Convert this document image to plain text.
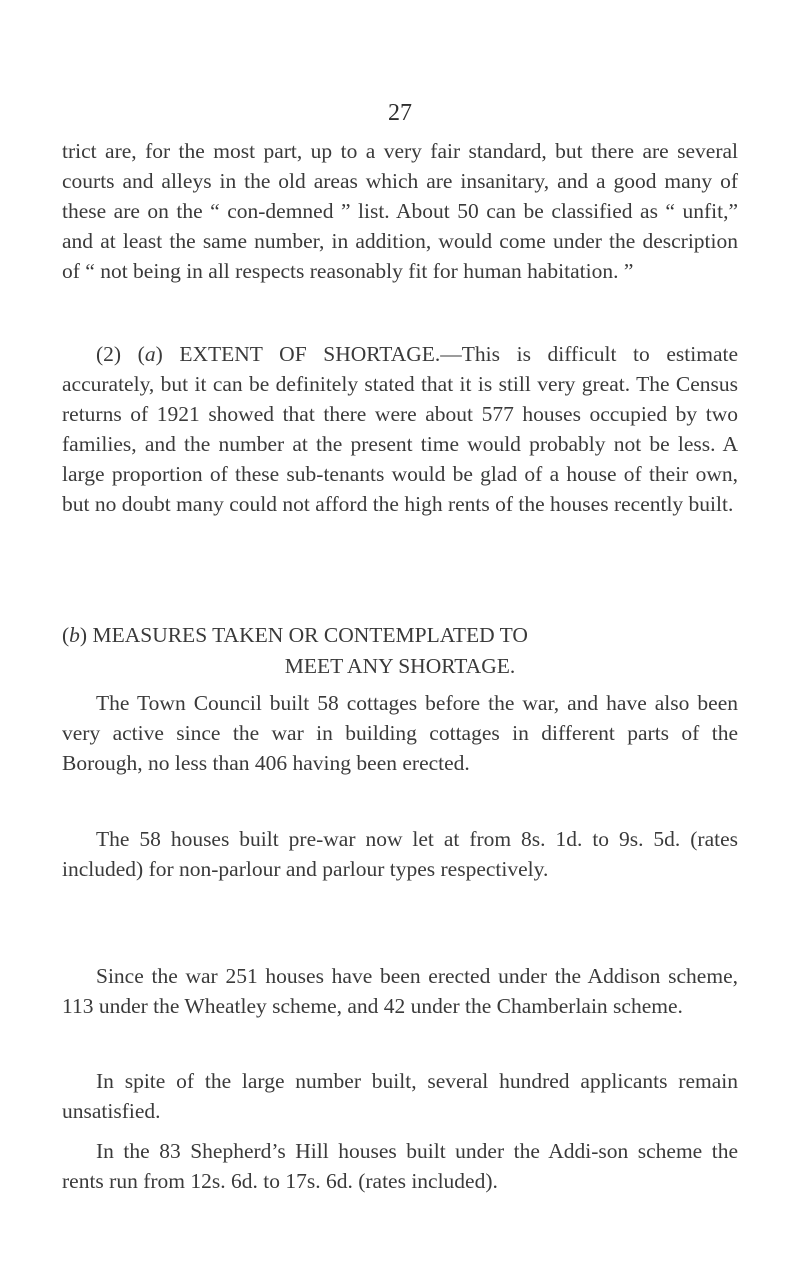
27
trict are, for the most part, up to a very fair standard, but there are several courts and alleys in the old areas which are insanitary, and a good many of these are on the “ con-demned ” list. About 50 can be classified as “ unfit,” and at least the same number, in addition, would come under the description of “ not being in all respects reasonably fit for human habitation. ”
(2) (a) EXTENT OF SHORTAGE.—This is difficult to estimate accurately, but it can be definitely stated that it is still very great. The Census returns of 1921 showed that there were about 577 houses occupied by two families, and the number at the present time would probably not be less. A large proportion of these sub-tenants would be glad of a house of their own, but no doubt many could not afford the high rents of the houses recently built.
(b) MEASURES TAKEN OR CONTEMPLATED TO
MEET ANY SHORTAGE.
The Town Council built 58 cottages before the war, and have also been very active since the war in building cottages in different parts of the Borough, no less than 406 having been erected.
The 58 houses built pre-war now let at from 8s. 1d. to 9s. 5d. (rates included) for non-parlour and parlour types respectively.
Since the war 251 houses have been erected under the Addison scheme, 113 under the Wheatley scheme, and 42 under the Chamberlain scheme.
In spite of the large number built, several hundred applicants remain unsatisfied.
In the 83 Shepherd’s Hill houses built under the Addi-son scheme the rents run from 12s. 6d. to 17s. 6d. (rates included).
